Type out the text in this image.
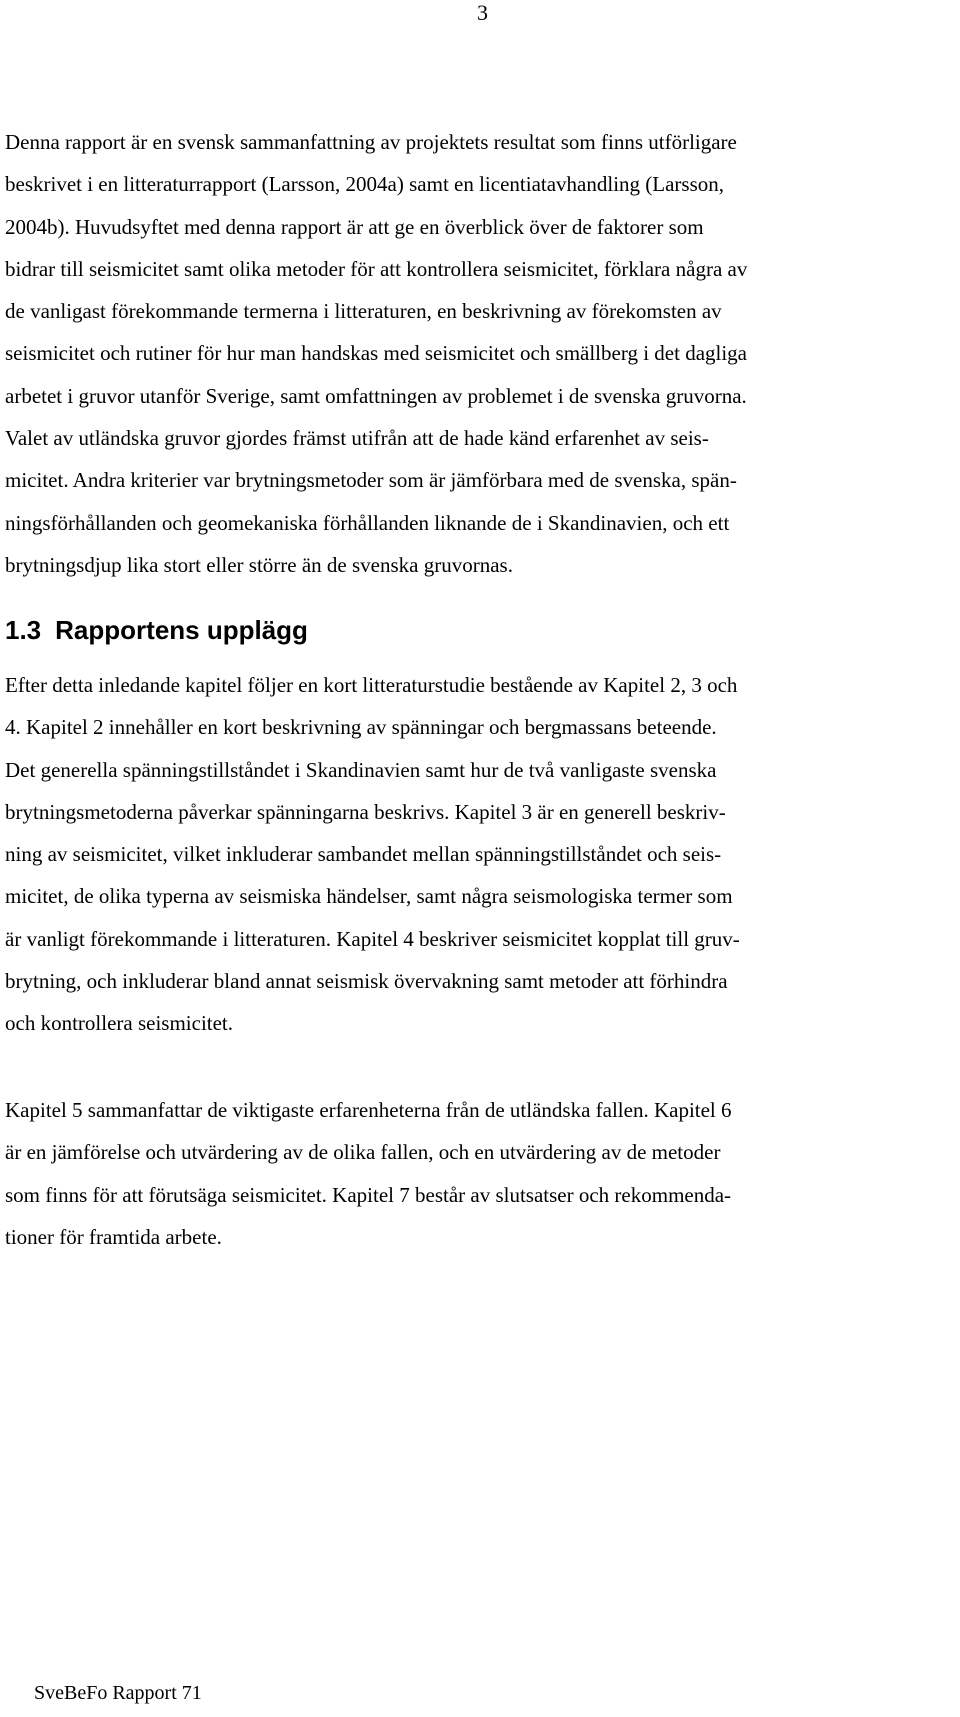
3

Denna rapport är en svensk sammanfattning av projektets resultat som finns utförligare
beskrivet i en litteraturrapport (Larsson, 2004a) samt en licentiatavhandling (Larsson,
2004b). Huvudsyftet med denna rapport är att ge en överblick över de faktorer som
bidrar till seismicitet samt olika metoder för att kontrollera seismicitet, förklara några av
de vanligast förekommande termerna i litteraturen, en beskrivning av förekomsten av
seismicitet och rutiner för hur man handskas med seismicitet och smällberg i det dagliga
arbetet i gruvor utanför Sverige, samt omfattningen av problemet i de svenska gruvorna.
Valet av utländska gruvor gjordes främst utifrån att de hade känd erfarenhet av seis-
micitet. Andra kriterier var brytningsmetoder som är jämförbara med de svenska, spän-
ningsförhållanden och geomekaniska förhållanden liknande de i Skandinavien, och ett
brytningsdjup lika stort eller större än de svenska gruvornas.

1.3 Rapportens upplägg

Efter detta inledande kapitel följer en kort litteraturstudie bestående av Kapitel 2, 3 och
4. Kapitel 2 innehåller en kort beskrivning av spänningar och bergmassans beteende.
Det generella spänningstillståndet i Skandinavien samt hur de två vanligaste svenska
brytningsmetoderna påverkar spänningarna beskrivs. Kapitel 3 är en generell beskriv-
ning av seismicitet, vilket inkluderar sambandet mellan spänningstillståndet och seis-
micitet, de olika typerna av seismiska händelser, samt några seismologiska termer som
är vanligt förekommande i litteraturen. Kapitel 4 beskriver seismicitet kopplat till gruv-
brytning, och inkluderar bland annat seismisk övervakning samt metoder att förhindra
och kontrollera seismicitet.

Kapitel 5 sammanfattar de viktigaste erfarenheterna från de utländska fallen. Kapitel 6
är en jämförelse och utvärdering av de olika fallen, och en utvärdering av de metoder
som finns för att förutsäga seismicitet. Kapitel 7 består av slutsatser och rekommenda-
tioner för framtida arbete.

SveBeFo Rapport 71
